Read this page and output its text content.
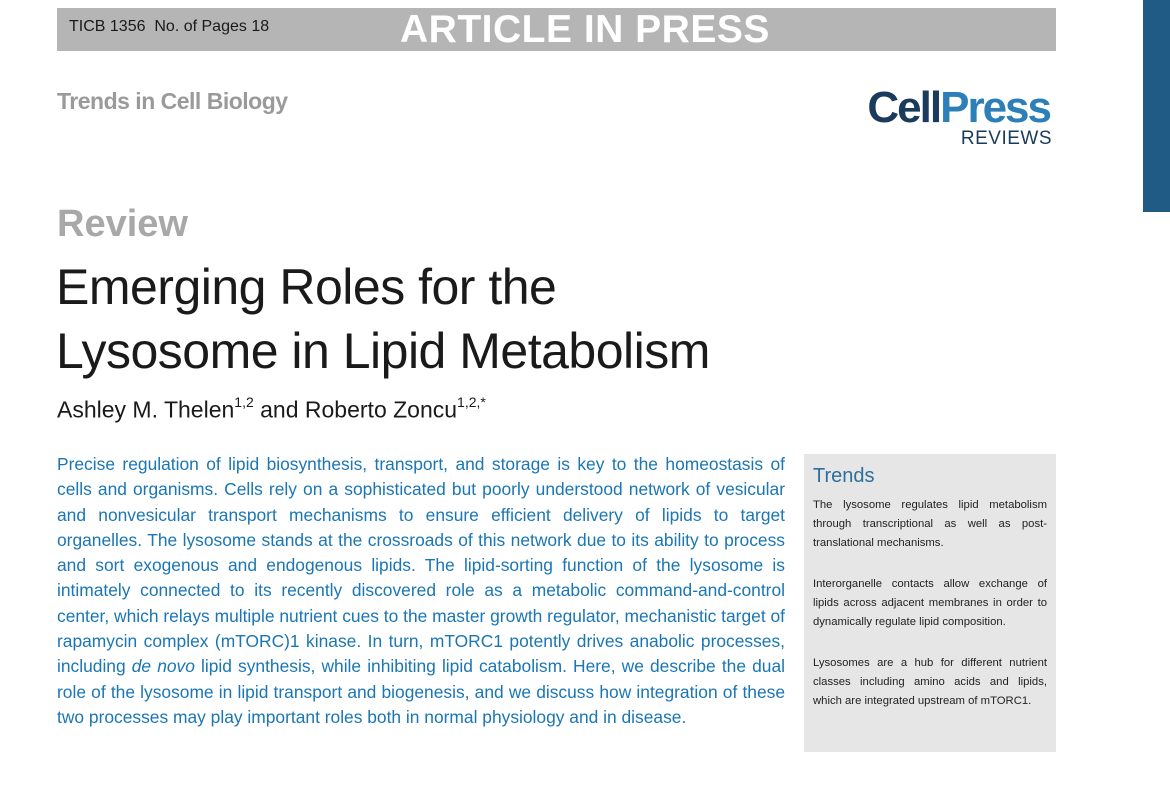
TICB 1356 No. of Pages 18	ARTICLE IN PRESS
Trends in Cell Biology	CellPress
REVIEWS
Review
Emerging Roles for the
Lysosome in Lipid Metabolism
Ashley M. Thelen$^{1,2}$ and Roberto Zoncu$^{1,2,*}$

Precise regulation of lipid biosynthesis, transport, and storage is key to the homeostasis of cells and organisms. Cells rely on a sophisticated but poorly understood network of vesicular and nonvesicular transport mechanisms to ensure efficient delivery of lipids to target organelles. The lysosome stands at the crossroads of this network due to its ability to process and sort exogenous and endogenous lipids. The lipid-sorting function of the lysosome is intimately connected to its recently discovered role as a metabolic command-and-control center, which relays multiple nutrient cues to the master growth regulator, mechanistic target of rapamycin complex (mTORC)1 kinase. In turn, mTORC1 potently drives anabolic processes, including de novo lipid synthesis, while inhibiting lipid catabolism. Here, we describe the dual role of the lysosome in lipid transport and biogenesis, and we discuss how integration of these two processes may play important roles both in normal physiology and in disease.

Trends

The lysosome regulates lipid metabolism through transcriptional as well as post-translational mechanisms.

Interorganelle contacts allow exchange of lipids across adjacent membranes in order to dynamically regulate lipid composition.

Lysosomes are a hub for different nutrient classes including amino acids and lipids, which are integrated upstream of mTORC1.
